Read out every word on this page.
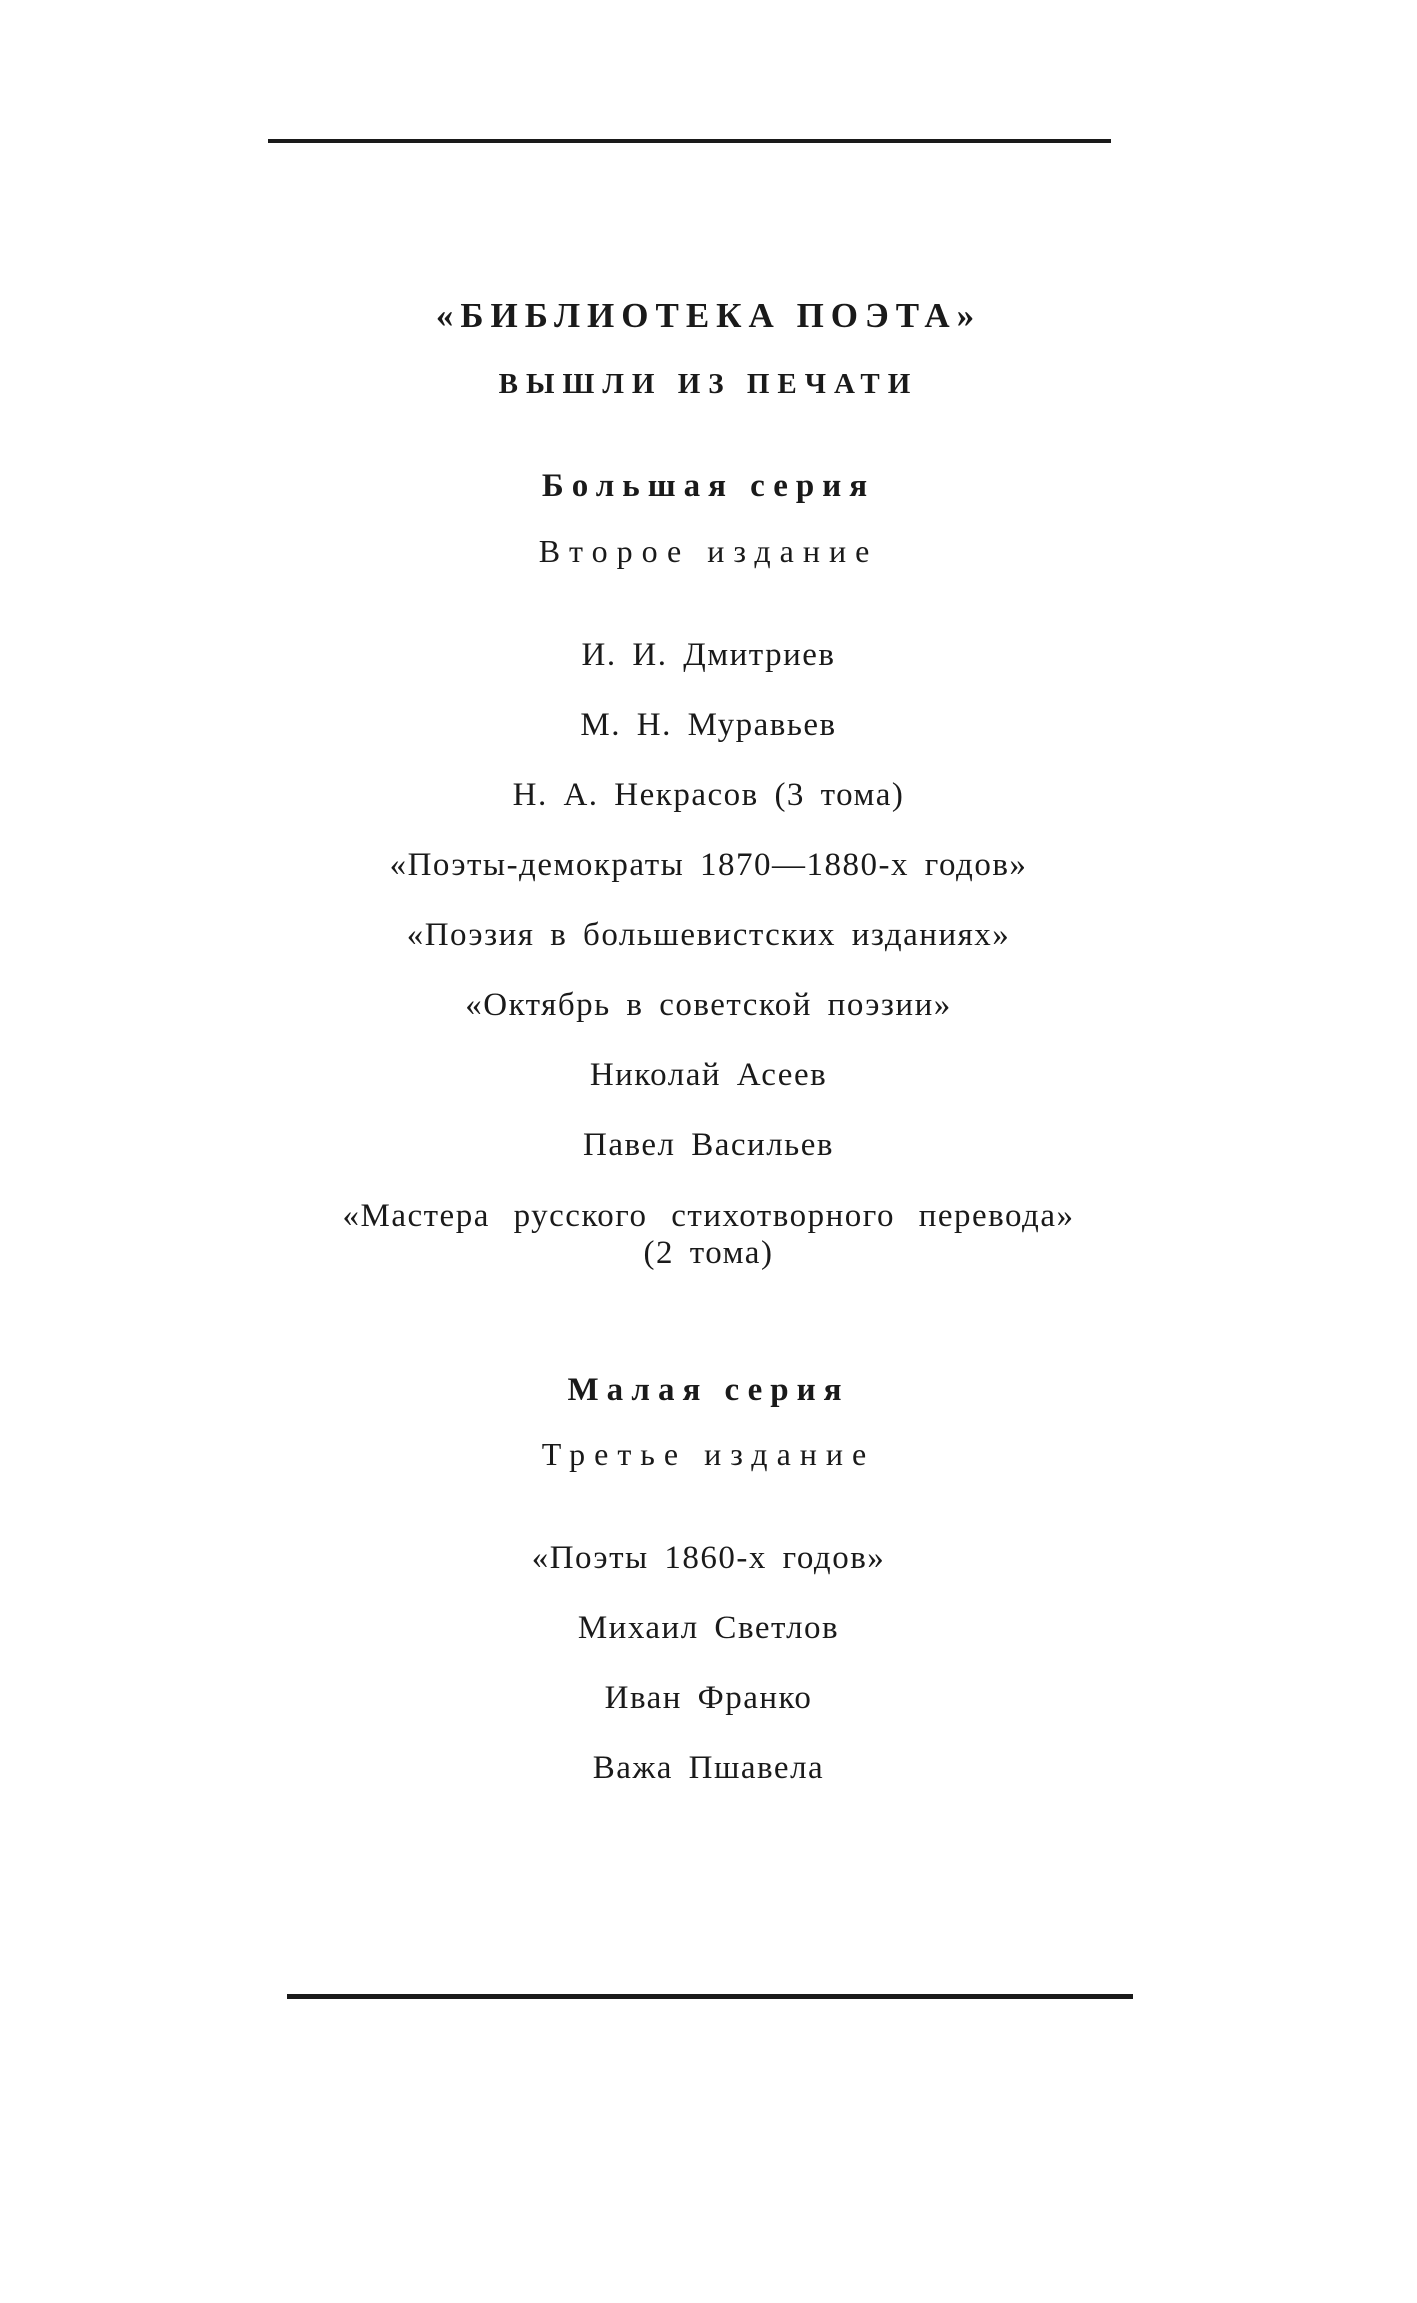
«БИБЛИОТЕКА ПОЭТА»
ВЫШЛИ ИЗ ПЕЧАТИ
Большая серия
Второе издание
И. И. Дмитриев
М. Н. Муравьев
Н. А. Некрасов (3 тома)
«Поэты-демократы 1870—1880-х годов»
«Поэзия в большевистских изданиях»
«Октябрь в советской поэзии»
Николай Асеев
Павел Васильев
«Мастера русского стихотворного перевода»
(2 тома)
Малая серия
Третье издание
«Поэты 1860-х годов»
Михаил Светлов
Иван Франко
Важа Пшавела
